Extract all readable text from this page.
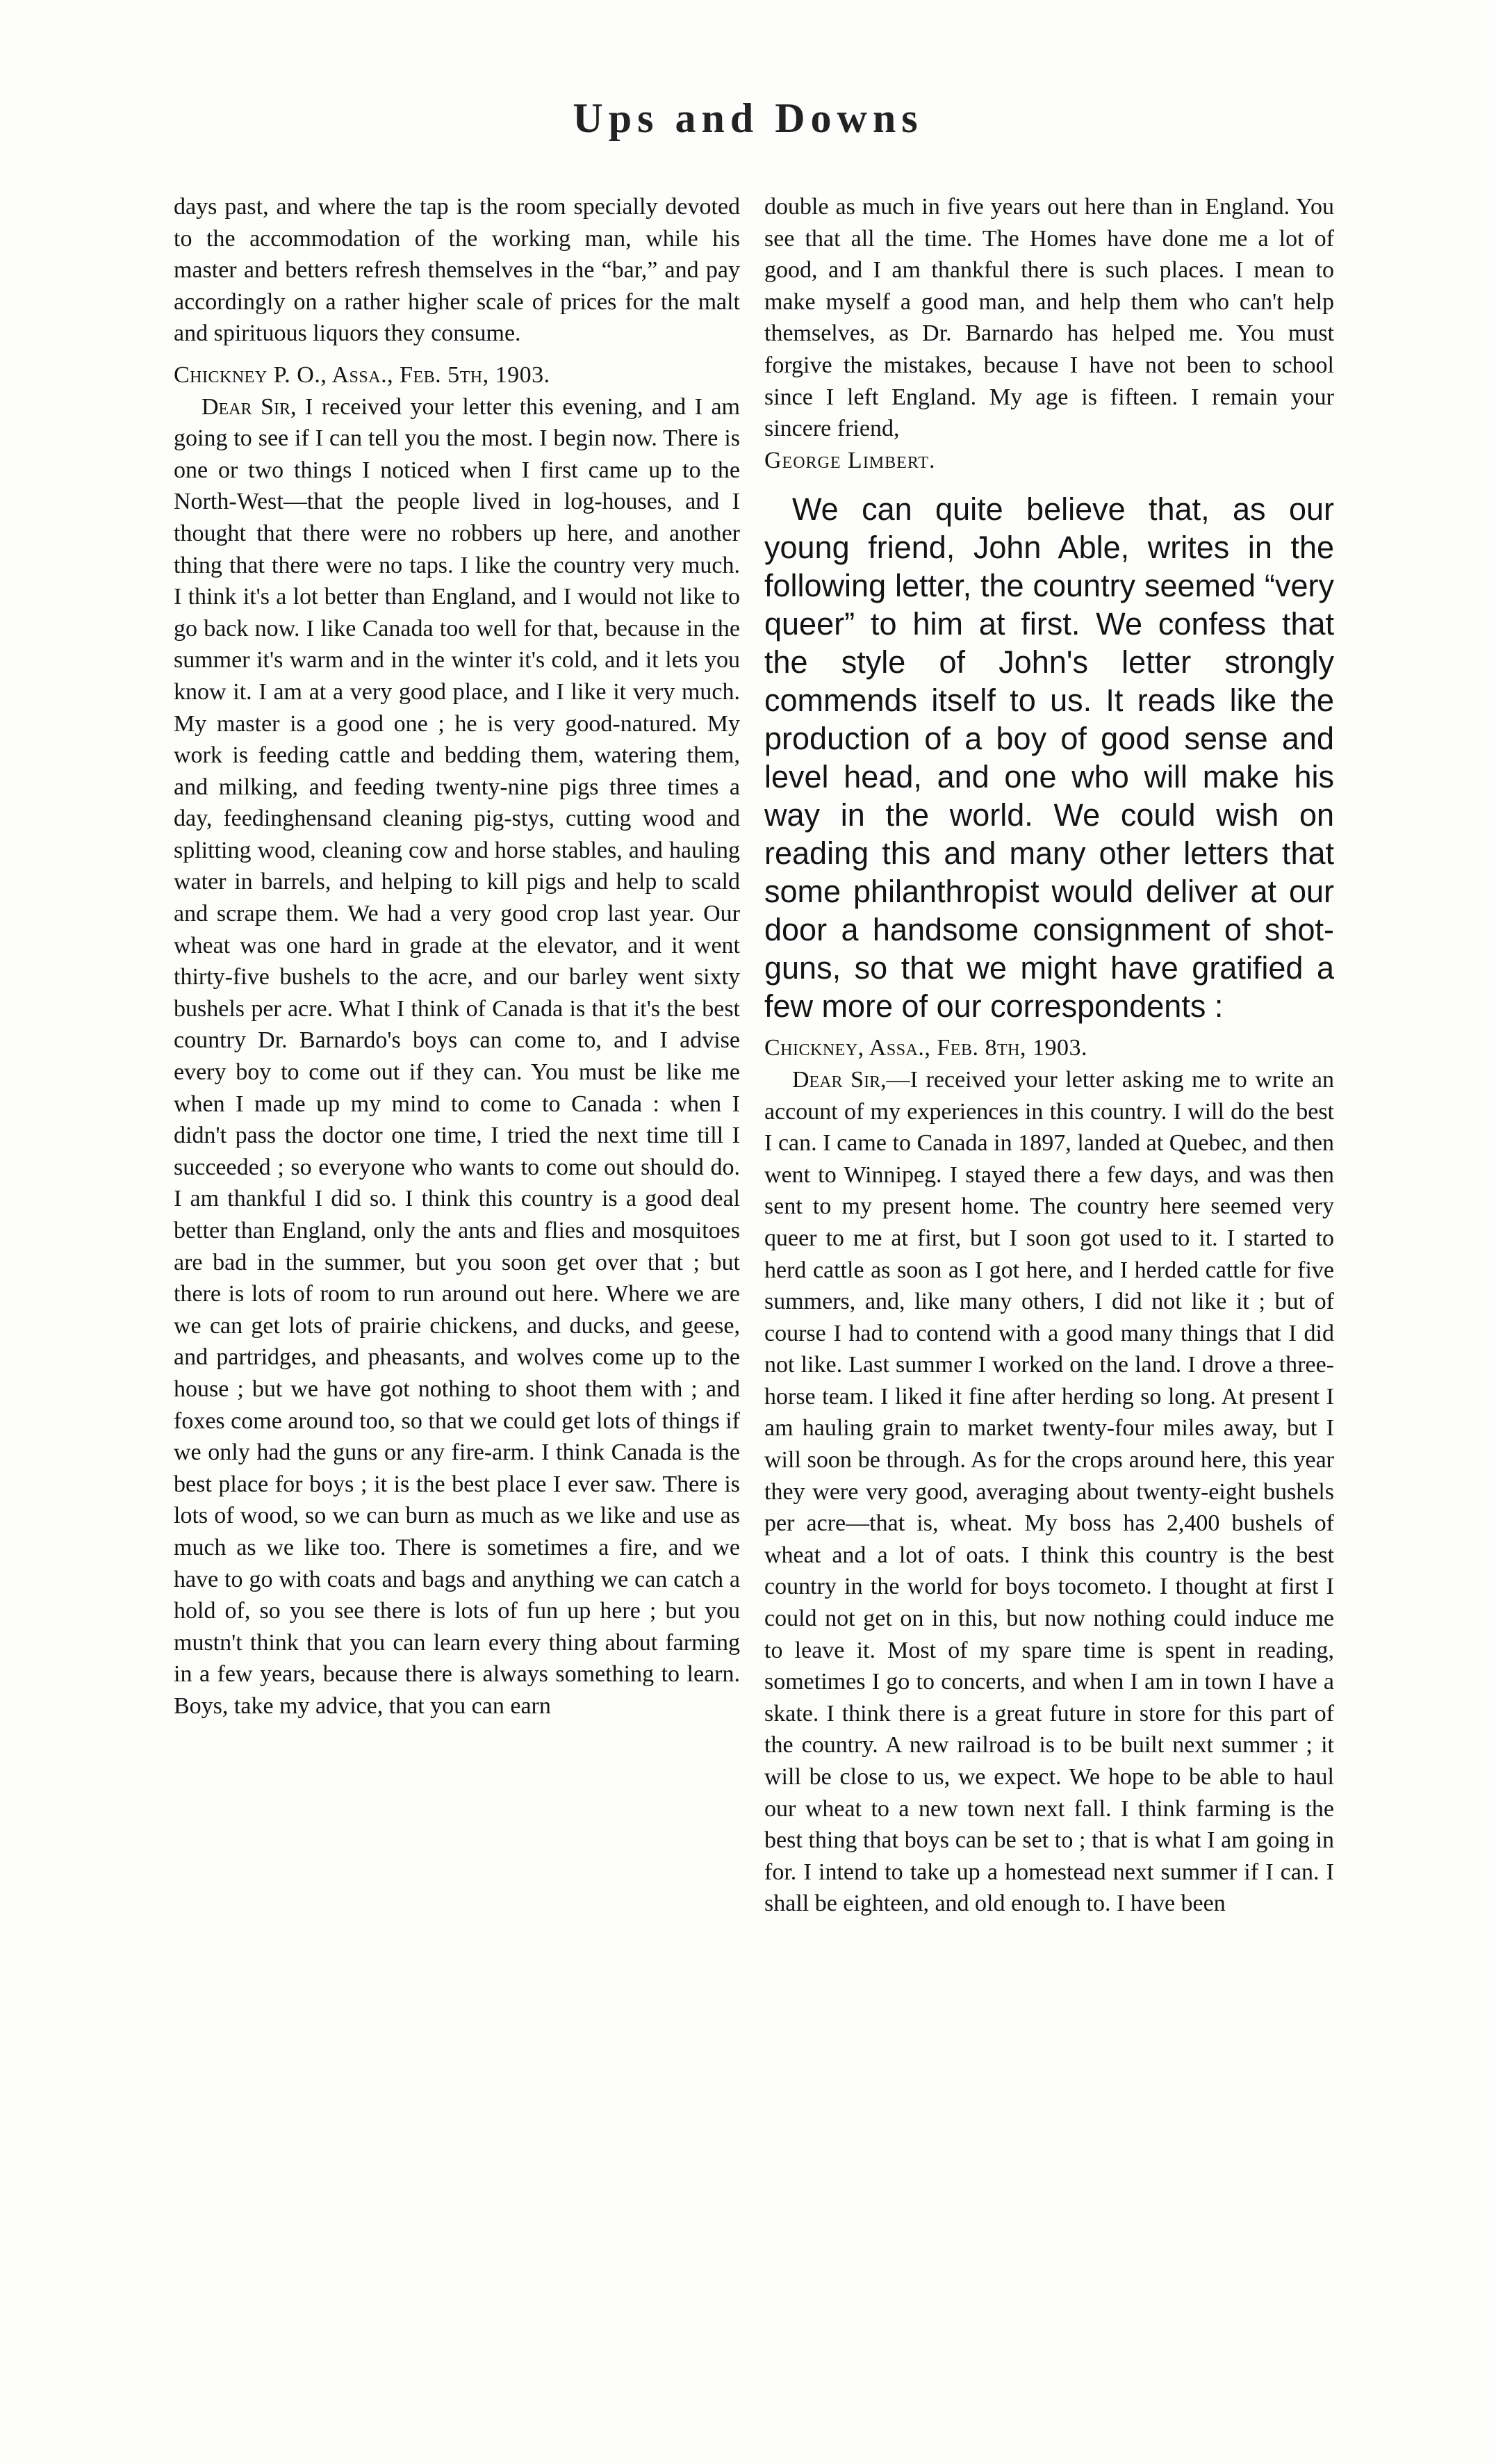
Ups and Downs

days past, and where the tap is the room specially devoted to the accommodation of the working man, while his master and betters refresh themselves in the “bar,” and pay accordingly on a rather higher scale of prices for the malt and spirituous liquors they consume.

Chickney P. O., Assa., Feb. 5th, 1903.

Dear Sir, I received your letter this evening, and I am going to see if I can tell you the most. I begin now. There is one or two things I noticed when I first came up to the North-West—that the people lived in log-houses, and I thought that there were no robbers up here, and another thing that there were no taps. I like the country very much. I think it's a lot better than England, and I would not like to go back now. I like Canada too well for that, because in the summer it's warm and in the winter it's cold, and it lets you know it. I am at a very good place, and I like it very much. My master is a good one ; he is very good-natured. My work is feeding cattle and bedding them, watering them, and milking, and feeding twenty-nine pigs three times a day, feedinghensand cleaning pig-stys, cutting wood and splitting wood, cleaning cow and horse stables, and hauling water in barrels, and helping to kill pigs and help to scald and scrape them. We had a very good crop last year. Our wheat was one hard in grade at the elevator, and it went thirty-five bushels to the acre, and our barley went sixty bushels per acre. What I think of Canada is that it's the best country Dr. Barnardo's boys can come to, and I advise every boy to come out if they can. You must be like me when I made up my mind to come to Canada : when I didn't pass the doctor one time, I tried the next time till I succeeded ; so everyone who wants to come out should do. I am thankful I did so. I think this country is a good deal better than England, only the ants and flies and mosquitoes are bad in the summer, but you soon get over that ; but there is lots of room to run around out here. Where we are we can get lots of prairie chickens, and ducks, and geese, and partridges, and pheasants, and wolves come up to the house ; but we have got nothing to shoot them with ; and foxes come around too, so that we could get lots of things if we only had the guns or any fire-arm. I think Canada is the best place for boys ; it is the best place I ever saw. There is lots of wood, so we can burn as much as we like and use as much as we like too. There is sometimes a fire, and we have to go with coats and bags and anything we can catch a hold of, so you see there is lots of fun up here ; but you mustn't think that you can learn every thing about farming in a few years, because there is always something to learn. Boys, take my advice, that you can earn

double as much in five years out here than in England. You see that all the time. The Homes have done me a lot of good, and I am thankful there is such places. I mean to make myself a good man, and help them who can't help themselves, as Dr. Barnardo has helped me. You must forgive the mistakes, because I have not been to school since I left England. My age is fifteen. I remain your sincere friend,

George Limbert.

We can quite believe that, as our young friend, John Able, writes in the following letter, the country seemed “very queer” to him at first. We confess that the style of John's letter strongly commends itself to us. It reads like the production of a boy of good sense and level head, and one who will make his way in the world. We could wish on reading this and many other letters that some philanthropist would deliver at our door a handsome consignment of shot-guns, so that we might have gratified a few more of our correspondents :

Chickney, Assa., Feb. 8th, 1903.

Dear Sir,—I received your letter asking me to write an account of my experiences in this country. I will do the best I can. I came to Canada in 1897, landed at Quebec, and then went to Winnipeg. I stayed there a few days, and was then sent to my present home. The country here seemed very queer to me at first, but I soon got used to it. I started to herd cattle as soon as I got here, and I herded cattle for five summers, and, like many others, I did not like it ; but of course I had to contend with a good many things that I did not like. Last summer I worked on the land. I drove a three-horse team. I liked it fine after herding so long. At present I am hauling grain to market twenty-four miles away, but I will soon be through. As for the crops around here, this year they were very good, averaging about twenty-eight bushels per acre—that is, wheat. My boss has 2,400 bushels of wheat and a lot of oats. I think this country is the best country in the world for boys tocometo. I thought at first I could not get on in this, but now nothing could induce me to leave it. Most of my spare time is spent in reading, sometimes I go to concerts, and when I am in town I have a skate. I think there is a great future in store for this part of the country. A new railroad is to be built next summer ; it will be close to us, we expect. We hope to be able to haul our wheat to a new town next fall. I think farming is the best thing that boys can be set to ; that is what I am going in for. I intend to take up a homestead next summer if I can. I shall be eighteen, and old enough to. I have been
